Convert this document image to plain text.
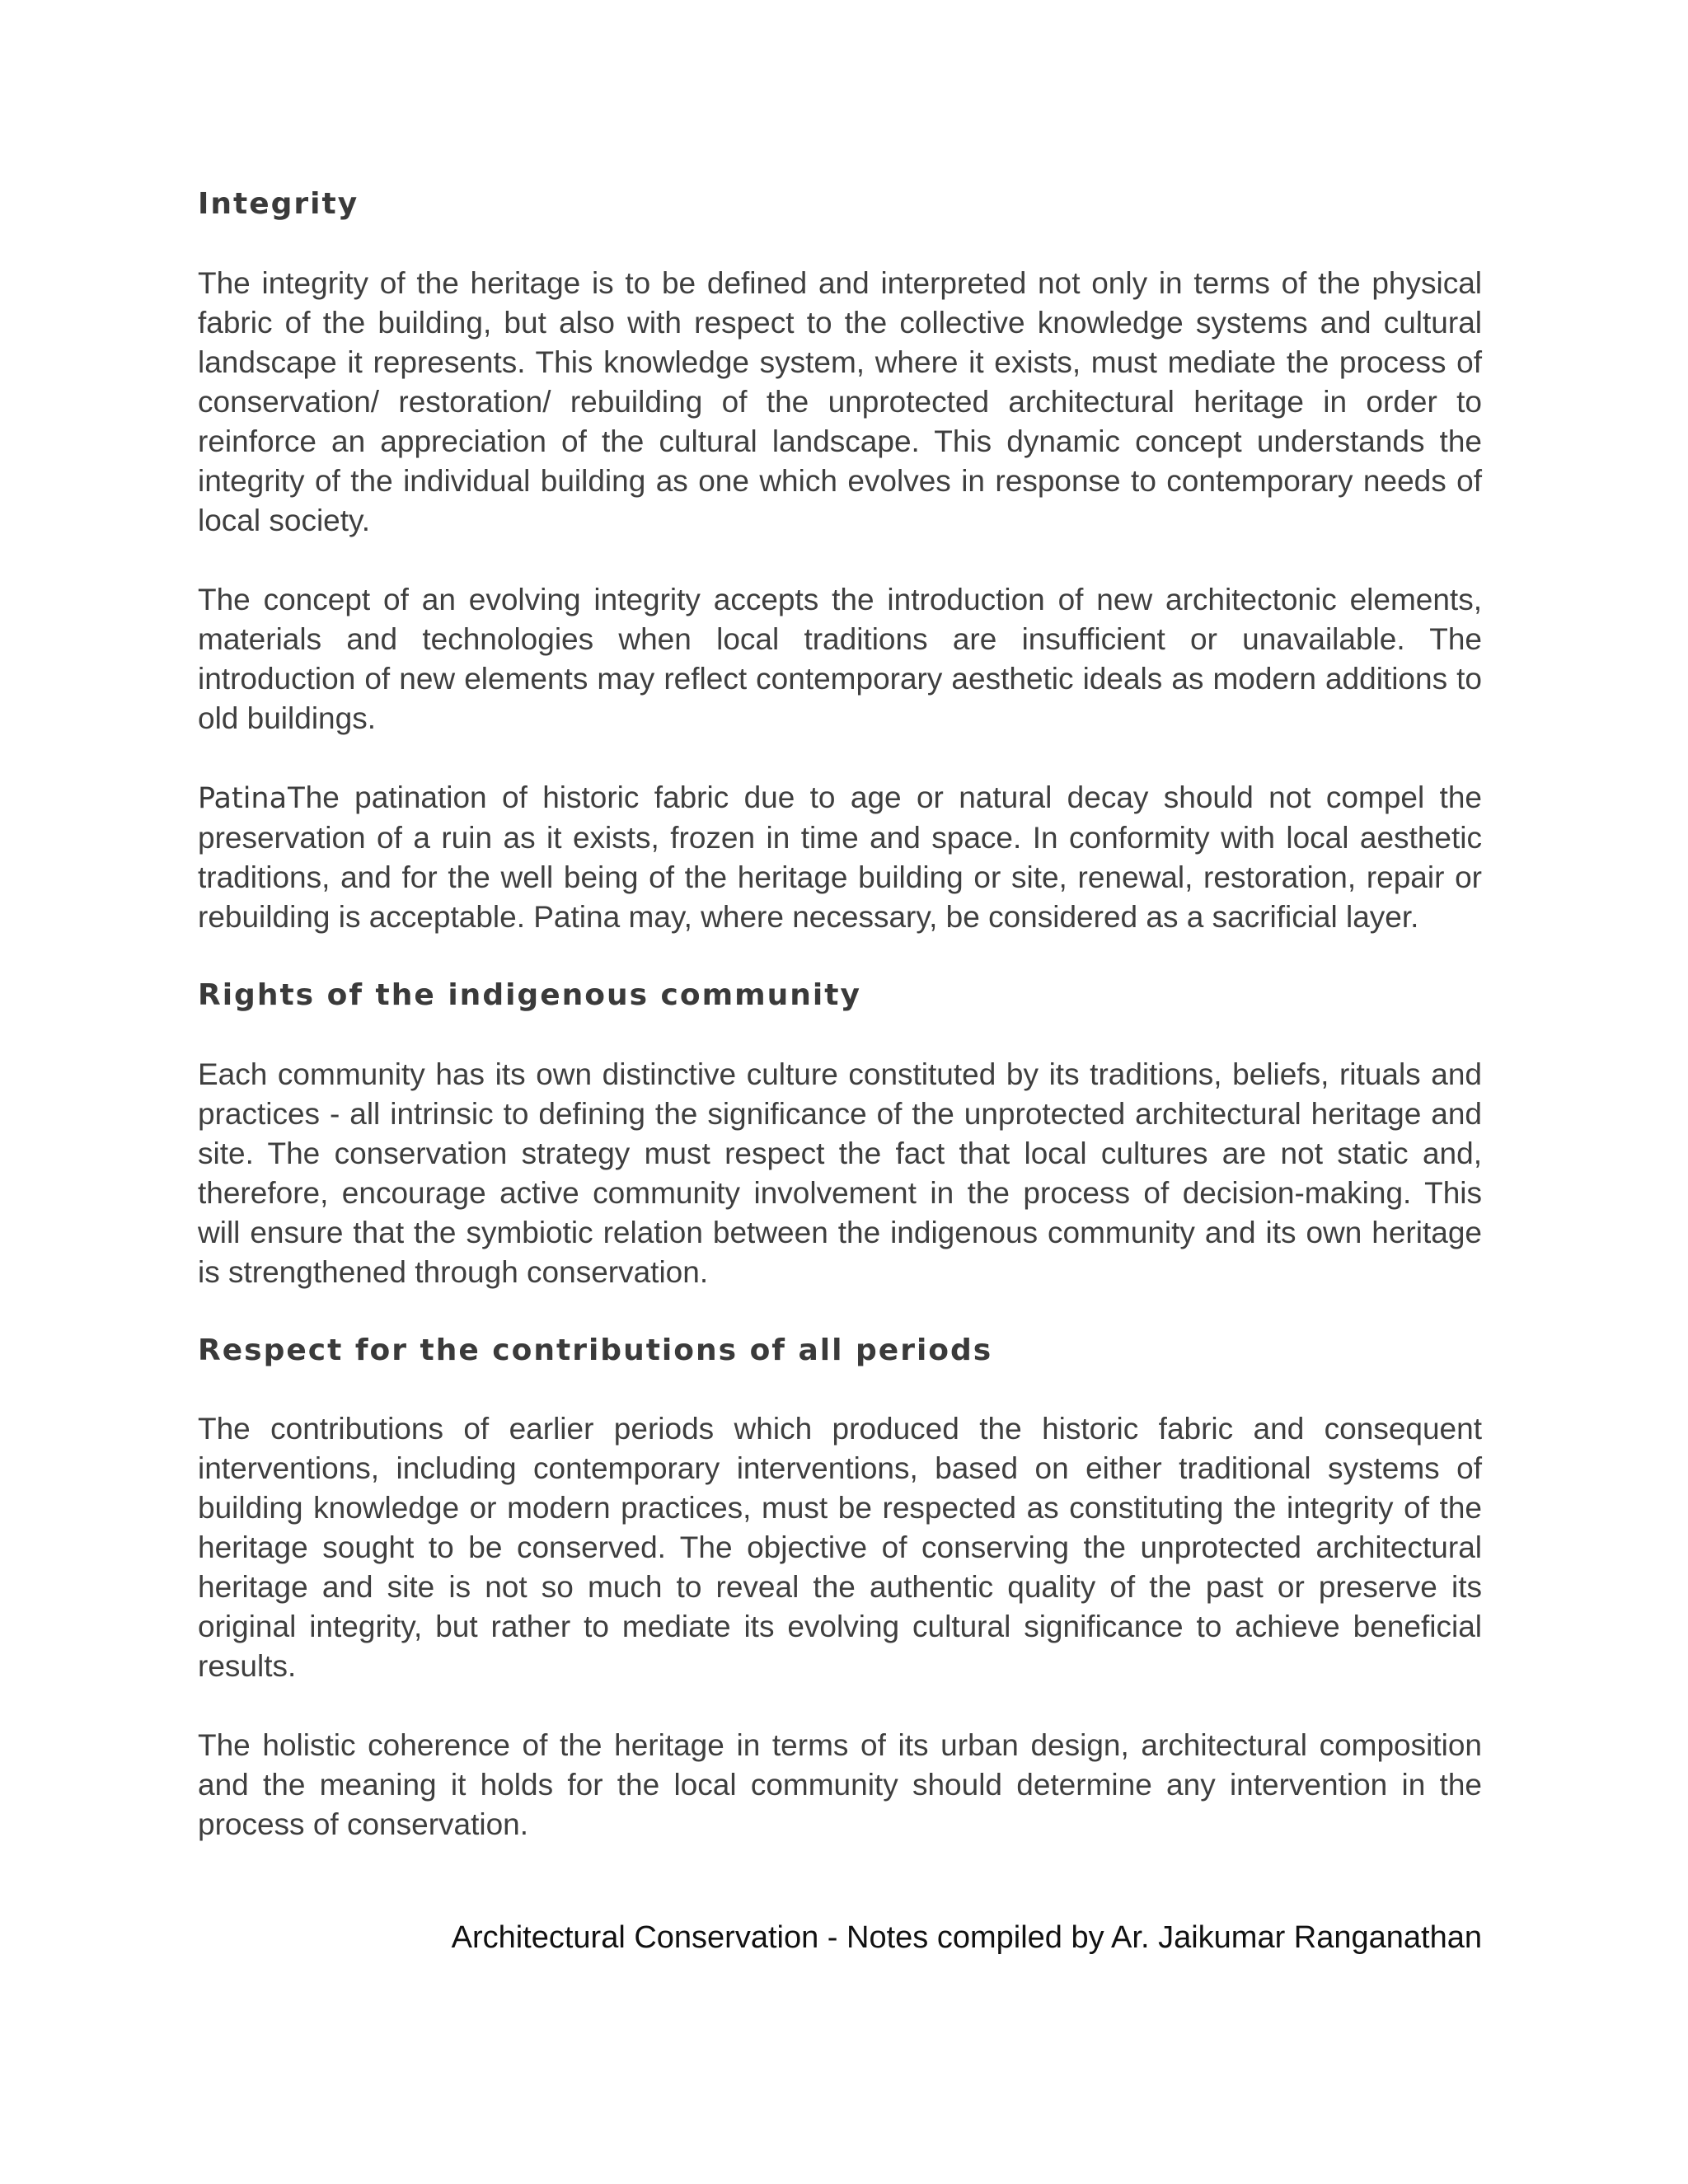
Integrity

The integrity of the heritage is to be defined and interpreted not only in terms of the physical fabric of the building, but also with respect to the collective knowledge systems and cultural landscape it represents. This knowledge system, where it exists, must mediate the process of conservation/ restoration/ rebuilding of the unprotected architectural heritage in order to reinforce an appreciation of the cultural landscape. This dynamic concept understands the integrity of the individual building as one which evolves in response to contemporary needs of local society.

The concept of an evolving integrity accepts the introduction of new architectonic elements, materials and technologies when local traditions are insufficient or unavailable. The introduction of new elements may reflect contemporary aesthetic ideals as modern additions to old buildings.

PatinaThe patination of historic fabric due to age or natural decay should not compel the preservation of a ruin as it exists, frozen in time and space. In conformity with local aesthetic traditions, and for the well being of the heritage building or site, renewal, restoration, repair or rebuilding is acceptable. Patina may, where necessary, be considered as a sacrificial layer.

Rights of the indigenous community

Each community has its own distinctive culture constituted by its traditions, beliefs, rituals and practices - all intrinsic to defining the significance of the unprotected architectural heritage and site. The conservation strategy must respect the fact that local cultures are not static and, therefore, encourage active community involvement in the process of decision-making. This will ensure that the symbiotic relation between the indigenous community and its own heritage is strengthened through conservation.

Respect for the contributions of all periods

The contributions of earlier periods which produced the historic fabric and consequent interventions, including contemporary interventions, based on either traditional systems of building knowledge or modern practices, must be respected as constituting the integrity of the heritage sought to be conserved. The objective of conserving the unprotected architectural heritage and site is not so much to reveal the authentic quality of the past or preserve its original integrity, but rather to mediate its evolving cultural significance to achieve beneficial results.

The holistic coherence of the heritage in terms of its urban design, architectural composition and the meaning it holds for the local community should determine any intervention in the process of conservation.

Architectural Conservation - Notes compiled by Ar. Jaikumar Ranganathan
